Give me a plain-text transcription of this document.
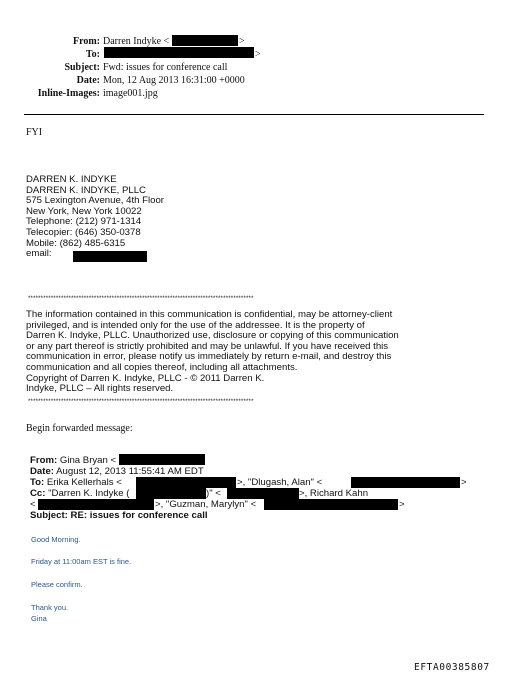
From: Darren Indyke <	>
To:	>
Subject: Fwd: issues for conference call
Date: Mon, 12 Aug 2013 16:31:00 +0000
Inline-Images: image001.jpg
FYI
DARREN K. INDYKE
DARREN K. INDYKE, PLLC
575 Lexington Avenue, 4th Floor
New York, New York 10022
Telephone: (212) 971-1314
Telecopier: (646) 350-0378
Mobile: (862) 485-6315
email:
*****************************************************************************************
The information contained in this communication is confidential, may be attorney-client
privileged, and is intended only for the use of the addressee. It is the property of
Darren K. Indyke, PLLC. Unauthorized use, disclosure or copying of this communication
or any part thereof is strictly prohibited and may be unlawful. If you have received this
communication in error, please notify us immediately by return e-mail, and destroy this
communication and all copies thereof, including all attachments.
Copyright of Darren K. Indyke, PLLC - © 2011 Darren K.
Indyke, PLLC – All rights reserved.
*****************************************************************************************
Begin forwarded message:
From: Gina Bryan <
Date: August 12, 2013 11:55:41 AM EDT
To: Erika Kellerhals <	>, "Dlugash, Alan" <	>
Cc: "Darren K. Indyke (	)" <	>, Richard Kahn
<	>, "Guzman, Marylyn" <	>
Subject: RE: issues for conference call
Good Morning.
Friday at 11:00am EST is fine.
Please confirm.
Thank you.
Gina
EFTA00385807
